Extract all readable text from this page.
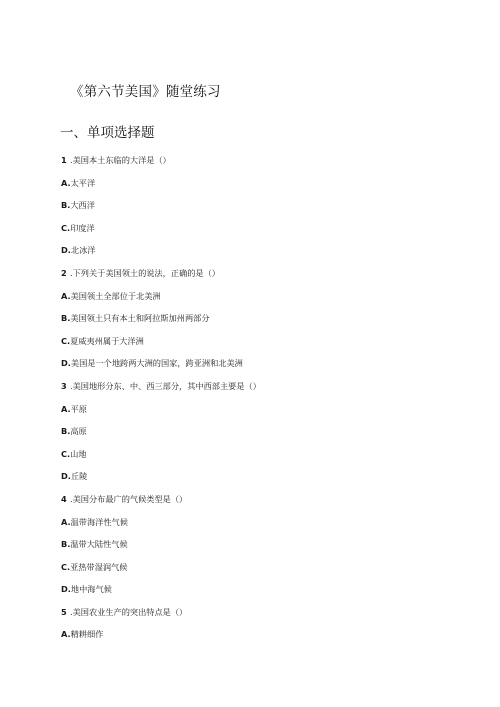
《第六节美国》随堂练习
一、单项选择题
1 .美国本土东临的大洋是（）
A.太平洋
B.大西洋
C.印度洋
D.北冰洋
2 .下列关于美国领土的说法，正确的是（）
A.美国领土全部位于北美洲
B.美国领土只有本土和阿拉斯加州两部分
C.夏威夷州属于大洋洲
D.美国是一个地跨两大洲的国家，跨亚洲和北美洲
3 .美国地形分东、中、西三部分，其中西部主要是（）
A.平原
B.高原
C.山地
D.丘陵
4 .美国分布最广的气候类型是（）
A.温带海洋性气候
B.温带大陆性气候
C.亚热带湿润气候
D.地中海气候
5 .美国农业生产的突出特点是（）
A.精耕细作
